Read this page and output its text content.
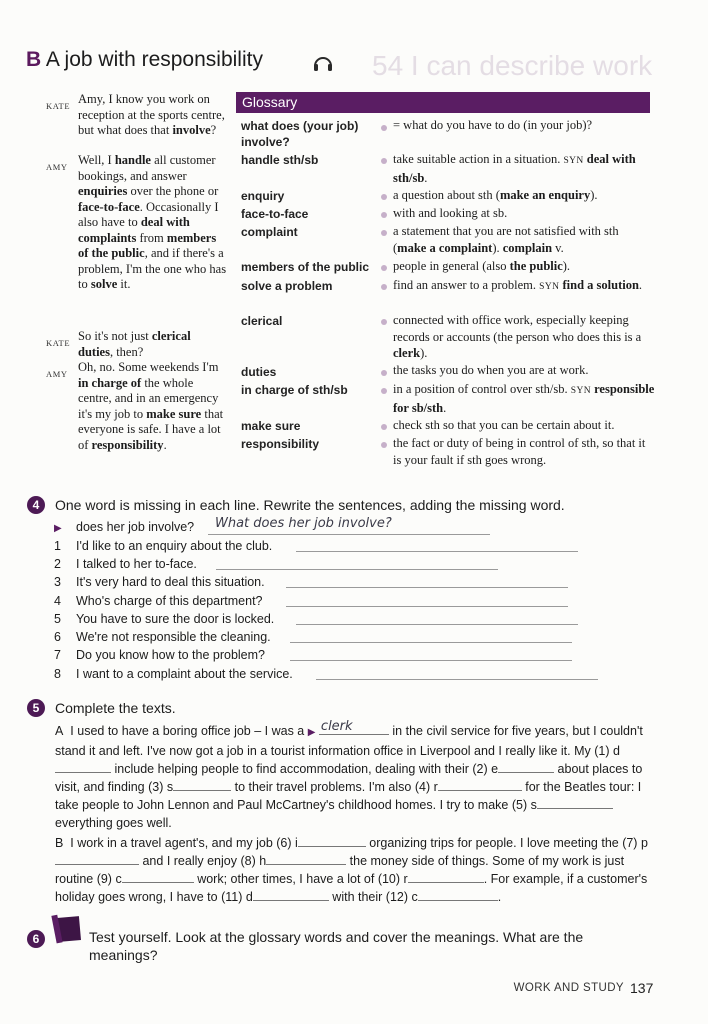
54 I can describe work
B A job with responsibility
KATE Amy, I know you work on reception at the sports centre, but what does that involve?
AMY Well, I handle all customer bookings, and answer enquiries over the phone or face-to-face. Occasionally I also have to deal with complaints from members of the public, and if there's a problem, I'm the one who has to solve it.
KATE So it's not just clerical duties, then?
AMY Oh, no. Some weekends I'm in charge of the whole centre, and in an emergency it's my job to make sure that everyone is safe. I have a lot of responsibility.
Glossary
what does (your job) involve?
= what do you have to do (in your job)?
handle sth/sb	take suitable action in a situation. SYN deal with sth/sb.
enquiry	a question about sth (make an enquiry).
face-to-face	with and looking at sb.
complaint	a statement that you are not satisfied with sth (make a complaint). complain v.
members of the public	people in general (also the public).
solve a problem	find an answer to a problem. SYN find a solution.
clerical	connected with office work, especially keeping records or accounts (the person who does this is a clerk).
duties	the tasks you do when you are at work.
in charge of sth/sb	in a position of control over sth/sb. SYN responsible for sb/sth.
make sure	check sth so that you can be certain about it.
responsibility	the fact or duty of being in control of sth, so that it is your fault if sth goes wrong.
4	One word is missing in each line. Rewrite the sentences, adding the missing word.
▶ does her job involve? What does her job involve?
1 I'd like to an enquiry about the club.
2 I talked to her to-face.
3 It's very hard to deal this situation.
4 Who's charge of this department?
5 You have to sure the door is locked.
6 We're not responsible the cleaning.
7 Do you know how to the problem?
8 I want to a complaint about the service.
5	Complete the texts.
A I used to have a boring office job – I was a ▶ clerk	in the civil service for five years, but I couldn't stand it and left. I've now got a job in a tourist information office in Liverpool and I really like it. My (1) d include helping people to find accommodation, dealing with their (2) e	about places to visit, and finding (3) s	to their travel problems. I'm also (4) r	for the Beatles tour: I take people to John Lennon and Paul McCartney's childhood homes. I try to make (5) s everything goes well.
B I work in a travel agent's, and my job (6) i	organizing trips for people. I love meeting the (7) p and I really enjoy (8) h	the money side of things. Some of my work is just routine (9) c	work; other times, I have a lot of (10) r	. For example, if a customer's holiday goes wrong, I have to (11) d	with their (12) c	.
6	Test yourself. Look at the glossary words and cover the meanings. What are the meanings?
WORK AND STUDY 137
